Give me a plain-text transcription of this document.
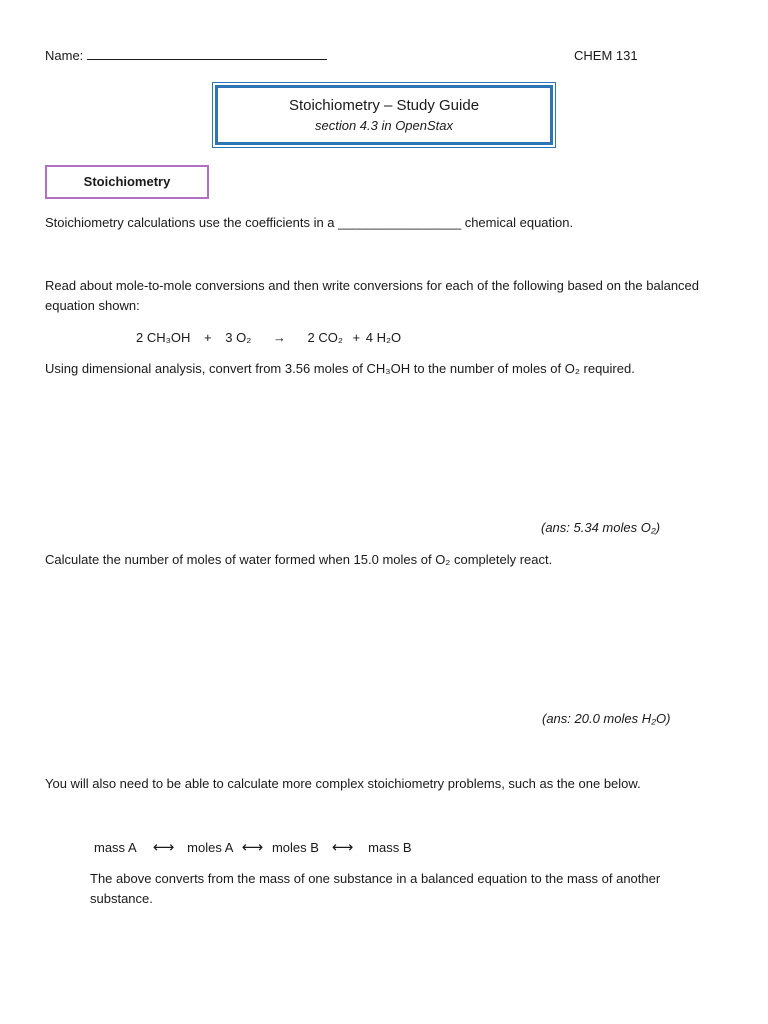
Name:	CHEM 131
Stoichiometry – Study Guide
section 4.3 in OpenStax
Stoichiometry
Stoichiometry calculations use the coefficients in a _________________ chemical equation.
Read about mole-to-mole conversions and then write conversions for each of the following based on the balanced equation shown:
2 CH₃OH + 3 O₂ → 2 CO₂ + 4 H₂O
Using dimensional analysis, convert from 3.56 moles of CH₃OH to the number of moles of O₂ required.
(ans: 5.34 moles O₂)
Calculate the number of moles of water formed when 15.0 moles of O₂ completely react.
(ans: 20.0 moles H₂O)
You will also need to be able to calculate more complex stoichiometry problems, such as the one below.
mass A ⟷ moles A ⟷ moles B ⟷ mass B
The above converts from the mass of one substance in a balanced equation to the mass of another substance.
